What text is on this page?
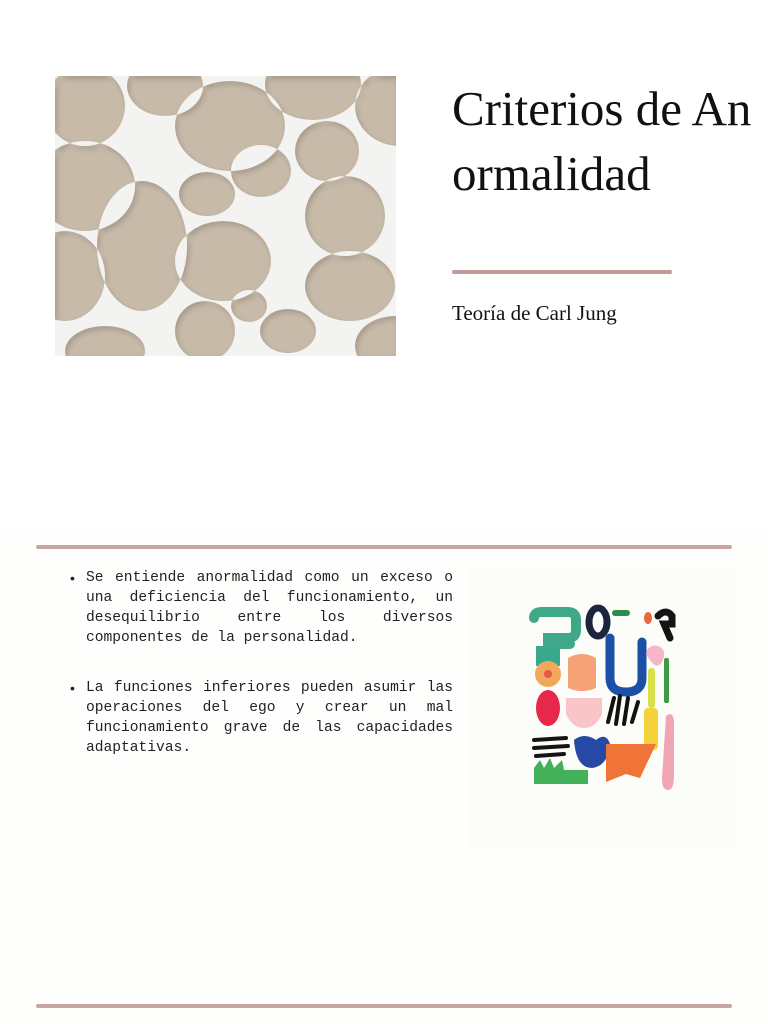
Criterios de Anormalidad

Teoría de Carl Jung

• Se entiende anormalidad como un exceso o una deficiencia del funcionamiento, un desequilibrio entre los diversos componentes de la personalidad.
• La funciones inferiores pueden asumir las operaciones del ego y crear un mal funcionamiento grave de las capacidades adaptativas.
